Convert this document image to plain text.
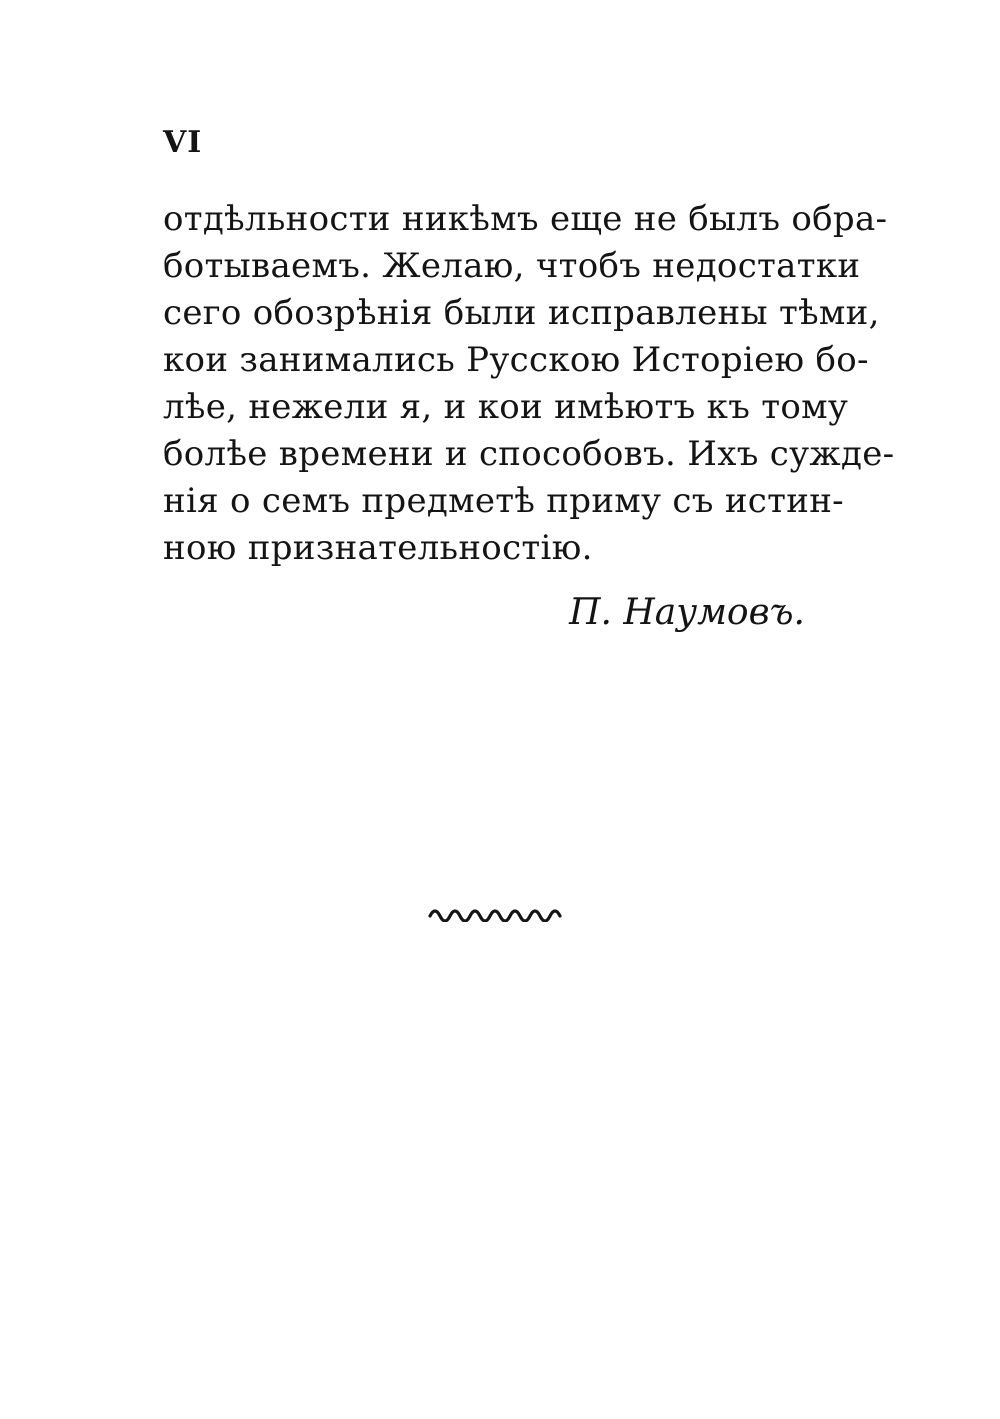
VI
отдѣльности никѣмъ еще не былъ обра-
ботываемъ. Желаю, чтобъ недостатки
сего обозрѣнія были исправлены тѣми,
кои занимались Русскою Исторіею бо-
лѣе, нежели я, и кои имѣютъ къ тому
болѣе времени и способовъ. Ихъ сужде-
нія о семъ предметѣ приму съ истин-
ною признательностію.
П. Наумовъ.
